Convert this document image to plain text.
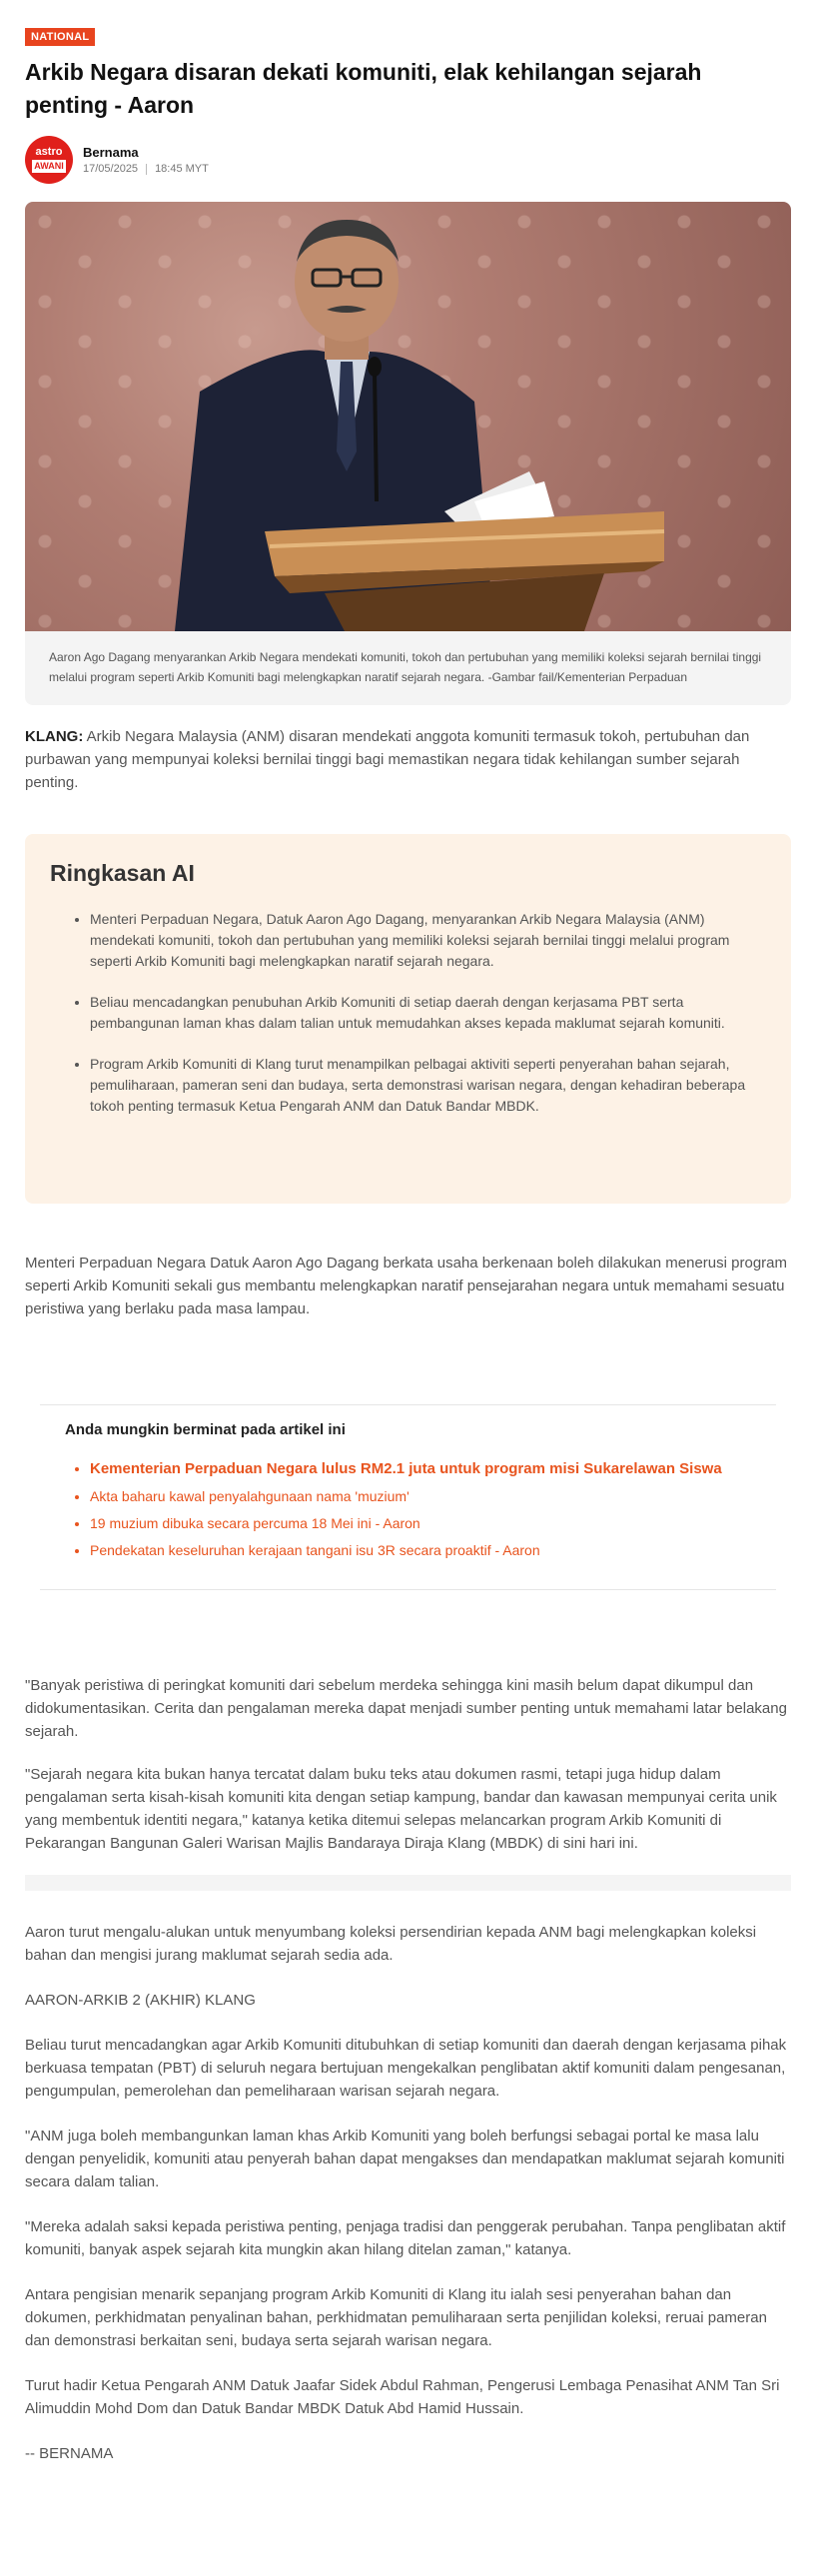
NATIONAL
Arkib Negara disaran dekati komuniti, elak kehilangan sejarah penting - Aaron
astro
AWANI
Bernama
17/05/2025 18:45 MYT
Aaron Ago Dagang menyarankan Arkib Negara mendekati komuniti, tokoh dan pertubuhan yang memiliki koleksi sejarah bernilai tinggi melalui program seperti Arkib Komuniti bagi melengkapkan naratif sejarah negara. -Gambar fail/Kementerian Perpaduan

KLANG: Arkib Negara Malaysia (ANM) disaran mendekati anggota komuniti termasuk tokoh, pertubuhan dan purbawan yang mempunyai koleksi bernilai tinggi bagi memastikan negara tidak kehilangan sumber sejarah penting.

Ringkasan AI
• Menteri Perpaduan Negara, Datuk Aaron Ago Dagang, menyarankan Arkib Negara Malaysia (ANM) mendekati komuniti, tokoh dan pertubuhan yang memiliki koleksi sejarah bernilai tinggi melalui program seperti Arkib Komuniti bagi melengkapkan naratif sejarah negara.
• Beliau mencadangkan penubuhan Arkib Komuniti di setiap daerah dengan kerjasama PBT serta pembangunan laman khas dalam talian untuk memudahkan akses kepada maklumat sejarah komuniti.
• Program Arkib Komuniti di Klang turut menampilkan pelbagai aktiviti seperti penyerahan bahan sejarah, pemuliharaan, pameran seni dan budaya, serta demonstrasi warisan negara, dengan kehadiran beberapa tokoh penting termasuk Ketua Pengarah ANM dan Datuk Bandar MBDK.

Menteri Perpaduan Negara Datuk Aaron Ago Dagang berkata usaha berkenaan boleh dilakukan menerusi program seperti Arkib Komuniti sekali gus membantu melengkapkan naratif pensejarahan negara untuk memahami sesuatu peristiwa yang berlaku pada masa lampau.

Anda mungkin berminat pada artikel ini
• Kementerian Perpaduan Negara lulus RM2.1 juta untuk program misi Sukarelawan Siswa
• Akta baharu kawal penyalahgunaan nama 'muzium'
• 19 muzium dibuka secara percuma 18 Mei ini - Aaron
• Pendekatan keseluruhan kerajaan tangani isu 3R secara proaktif - Aaron

"Banyak peristiwa di peringkat komuniti dari sebelum merdeka sehingga kini masih belum dapat dikumpul dan didokumentasikan. Cerita dan pengalaman mereka dapat menjadi sumber penting untuk memahami latar belakang sejarah.

"Sejarah negara kita bukan hanya tercatat dalam buku teks atau dokumen rasmi, tetapi juga hidup dalam pengalaman serta kisah-kisah komuniti kita dengan setiap kampung, bandar dan kawasan mempunyai cerita unik yang membentuk identiti negara," katanya ketika ditemui selepas melancarkan program Arkib Komuniti di Pekarangan Bangunan Galeri Warisan Majlis Bandaraya Diraja Klang (MBDK) di sini hari ini.

Aaron turut mengalu-alukan untuk menyumbang koleksi persendirian kepada ANM bagi melengkapkan koleksi bahan dan mengisi jurang maklumat sejarah sedia ada.

AARON-ARKIB 2 (AKHIR) KLANG

Beliau turut mencadangkan agar Arkib Komuniti ditubuhkan di setiap komuniti dan daerah dengan kerjasama pihak berkuasa tempatan (PBT) di seluruh negara bertujuan mengekalkan penglibatan aktif komuniti dalam pengesanan, pengumpulan, pemerolehan dan pemeliharaan warisan sejarah negara.

"ANM juga boleh membangunkan laman khas Arkib Komuniti yang boleh berfungsi sebagai portal ke masa lalu dengan penyelidik, komuniti atau penyerah bahan dapat mengakses dan mendapatkan maklumat sejarah komuniti secara dalam talian.

"Mereka adalah saksi kepada peristiwa penting, penjaga tradisi dan penggerak perubahan. Tanpa penglibatan aktif komuniti, banyak aspek sejarah kita mungkin akan hilang ditelan zaman," katanya.

Antara pengisian menarik sepanjang program Arkib Komuniti di Klang itu ialah sesi penyerahan bahan dan dokumen, perkhidmatan penyalinan bahan, perkhidmatan pemuliharaan serta penjilidan koleksi, reruai pameran dan demonstrasi berkaitan seni, budaya serta sejarah warisan negara.

Turut hadir Ketua Pengarah ANM Datuk Jaafar Sidek Abdul Rahman, Pengerusi Lembaga Penasihat ANM Tan Sri Alimuddin Mohd Dom dan Datuk Bandar MBDK Datuk Abd Hamid Hussain.

-- BERNAMA
